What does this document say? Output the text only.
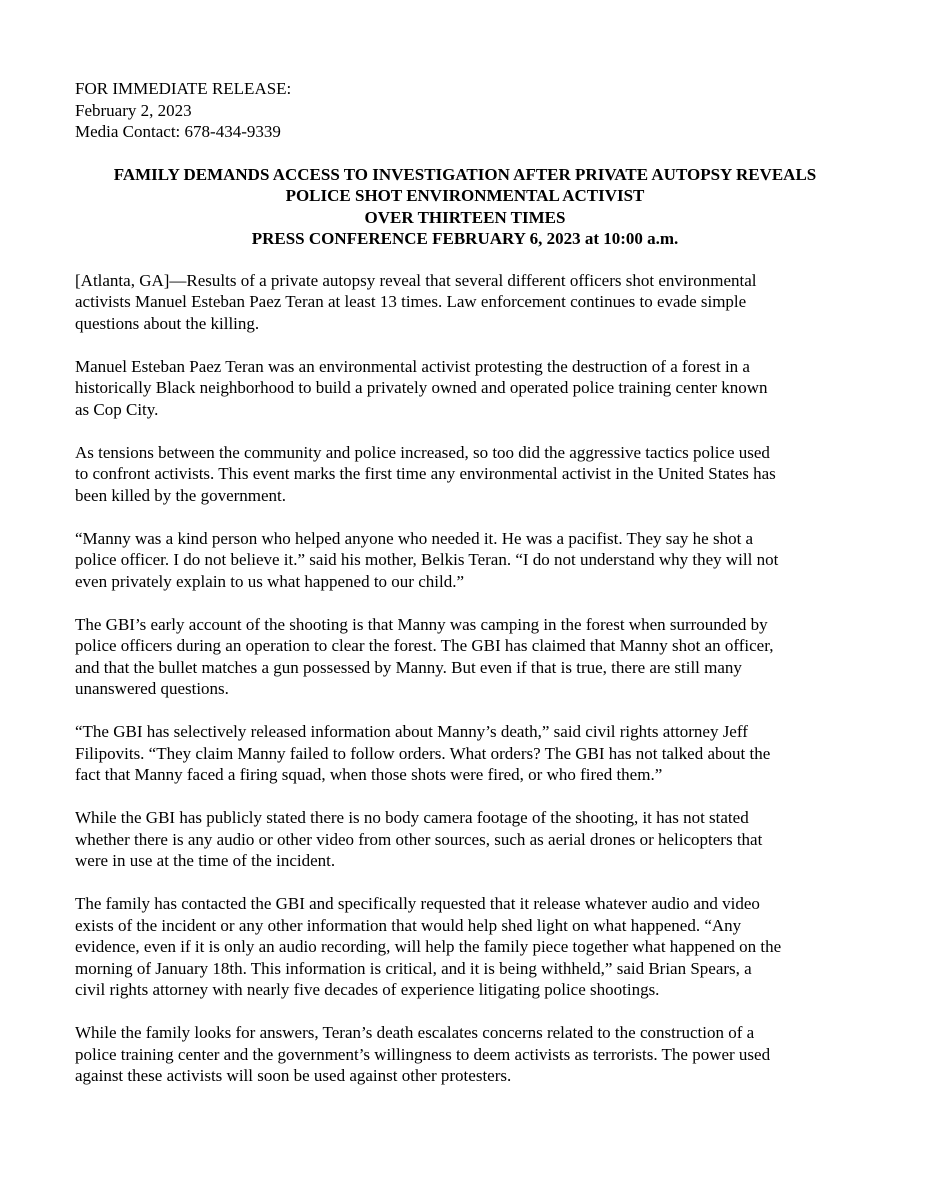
FOR IMMEDIATE RELEASE:

February 2, 2023

Media Contact: 678-434-9339

FAMILY DEMANDS ACCESS TO INVESTIGATION AFTER PRIVATE AUTOPSY REVEALS

POLICE SHOT ENVIRONMENTAL ACTIVIST

OVER THIRTEEN TIMES

PRESS CONFERENCE FEBRUARY 6, 2023 at 10:00 a.m.

[Atlanta, GA]—Results of a private autopsy reveal that several different officers shot environmental
activists Manuel Esteban Paez Teran at least 13 times. Law enforcement continues to evade simple
questions about the killing.

Manuel Esteban Paez Teran was an environmental activist protesting the destruction of a forest in a
historically Black neighborhood to build a privately owned and operated police training center known
as Cop City.

As tensions between the community and police increased, so too did the aggressive tactics police used
to confront activists. This event marks the first time any environmental activist in the United States has
been killed by the government.

“Manny was a kind person who helped anyone who needed it. He was a pacifist. They say he shot a
police officer. I do not believe it.” said his mother, Belkis Teran. “I do not understand why they will not
even privately explain to us what happened to our child.”

The GBI’s early account of the shooting is that Manny was camping in the forest when surrounded by
police officers during an operation to clear the forest. The GBI has claimed that Manny shot an officer,
and that the bullet matches a gun possessed by Manny. But even if that is true, there are still many
unanswered questions.

“The GBI has selectively released information about Manny’s death,” said civil rights attorney Jeff
Filipovits. “They claim Manny failed to follow orders. What orders? The GBI has not talked about the
fact that Manny faced a firing squad, when those shots were fired, or who fired them.”

While the GBI has publicly stated there is no body camera footage of the shooting, it has not stated
whether there is any audio or other video from other sources, such as aerial drones or helicopters that
were in use at the time of the incident.

The family has contacted the GBI and specifically requested that it release whatever audio and video
exists of the incident or any other information that would help shed light on what happened. “Any
evidence, even if it is only an audio recording, will help the family piece together what happened on the
morning of January 18th. This information is critical, and it is being withheld,” said Brian Spears, a
civil rights attorney with nearly five decades of experience litigating police shootings.

While the family looks for answers, Teran’s death escalates concerns related to the construction of a
police training center and the government’s willingness to deem activists as terrorists. The power used
against these activists will soon be used against other protesters.
